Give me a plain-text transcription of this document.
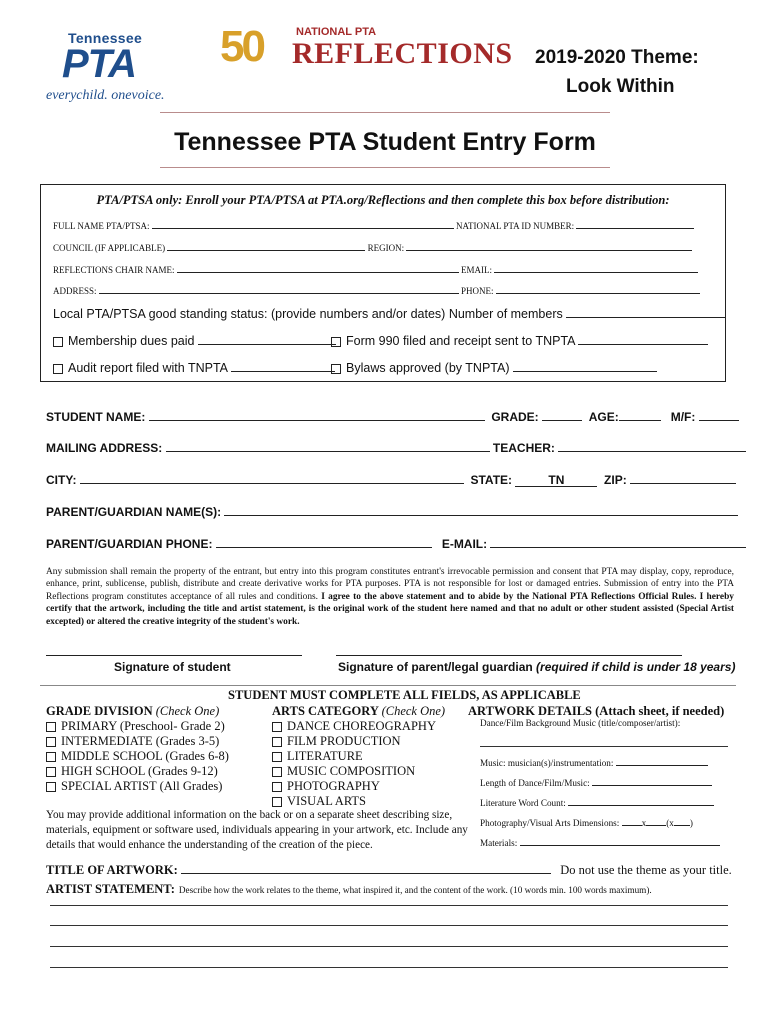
Tennessee
PTA
everychild. onevoice.
50	NATIONAL PTA
REFLECTIONS 2019-2020 Theme:
Look Within
Tennessee PTA Student Entry Form
PTA/PTSA only: Enroll your PTA/PTSA at PTA.org/Reflections and then complete this box before distribution:
FULL NAME PTA/PTSA:	NATIONAL PTA ID NUMBER:
COUNCIL (IF APPLICABLE)	REGION:
REFLECTIONS CHAIR NAME:	EMAIL:
ADDRESS:	PHONE:
Local PTA/PTSA good standing status: (provide numbers and/or dates) Number of members
Membership dues paid	Form 990 filed and receipt sent to TNPTA
Audit report filed with TNPTA	Bylaws approved (by TNPTA)
STUDENT NAME:	GRADE:	AGE:	M/F:
MAILING ADDRESS:	TEACHER:
CITY:	STATE:	TN	ZIP:
PARENT/GUARDIAN NAME(S):
PARENT/GUARDIAN PHONE:	E-MAIL:
Any submission shall remain the property of the entrant, but entry into this program constitutes entrant's irrevocable permission and consent that PTA may display, copy, reproduce, enhance, print, sublicense, publish, distribute and create derivative works for PTA purposes. PTA is not responsible for lost or damaged entries. Submission of entry into the PTA Reflections program constitutes acceptance of all rules and conditions. I agree to the above statement and to abide by the National PTA Reflections Official Rules. I hereby certify that the artwork, including the title and artist statement, is the original work of the student here named and that no adult or other student assisted (Special Artist excepted) or altered the creative integrity of the student's work.
Signature of student	Signature of parent/legal guardian (required if child is under 18 years)
STUDENT MUST COMPLETE ALL FIELDS, AS APPLICABLE
GRADE DIVISION (Check One)
PRIMARY (Preschool- Grade 2)
INTERMEDIATE (Grades 3-5)
MIDDLE SCHOOL (Grades 6-8)
HIGH SCHOOL (Grades 9-12)
SPECIAL ARTIST (All Grades)
ARTS CATEGORY (Check One)
DANCE CHOREOGRAPHY
FILM PRODUCTION
LITERATURE
MUSIC COMPOSITION
PHOTOGRAPHY
VISUAL ARTS
ARTWORK DETAILS (Attach sheet, if needed)
Dance/Film Background Music (title/composer/artist):
Music: musician(s)/instrumentation:
Length of Dance/Film/Music:
Literature Word Count:
Photography/Visual Arts Dimensions: x (x )
Materials:
You may provide additional information on the back or on a separate sheet describing size, materials, equipment or software used, individuals appearing in your artwork, etc. Include any details that would enhance the understanding of the creation of the piece.
TITLE OF ARTWORK:	Do not use the theme as your title.
ARTIST STATEMENT: Describe how the work relates to the theme, what inspired it, and the content of the work. (10 words min. 100 words maximum).
